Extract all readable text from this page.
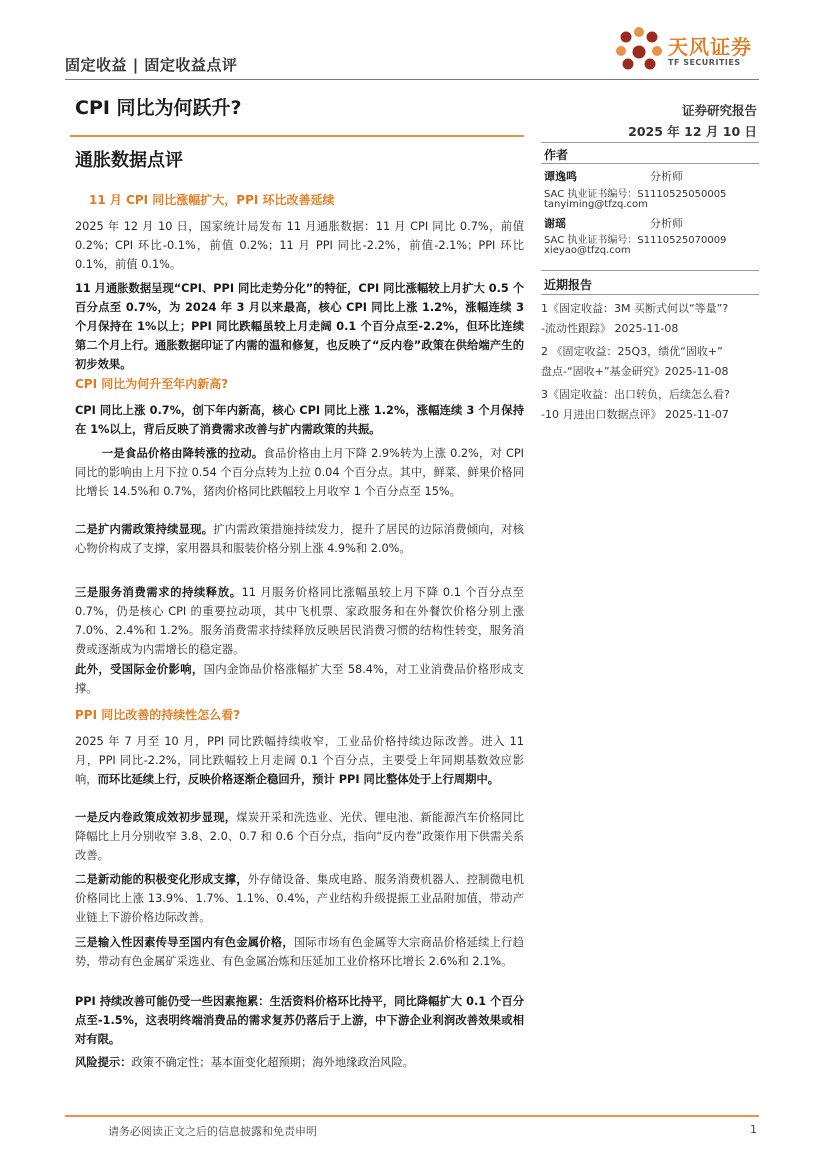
固定收益 | 固定收益点评
天风证券
TF SECURITIES
CPI 同比为何跃升?	证券研究报告
2025 年 12 月 10 日
通胀数据点评
11 月 CPI 同比涨幅扩大，PPI 环比改善延续
2025 年 12 月 10 日，国家统计局发布 11 月通胀数据：11 月 CPI 同比 0.7%，前值 0.2%；CPI 环比-0.1%，前值 0.2%；11 月 PPI 同比-2.2%，前值-2.1%；PPI 环比 0.1%，前值 0.1%。
11 月通胀数据呈现“CPI、PPI 同比走势分化”的特征，CPI 同比涨幅较上月扩大 0.5 个百分点至 0.7%，为 2024 年 3 月以来最高，核心 CPI 同比上涨 1.2%，涨幅连续 3 个月保持在 1%以上；PPI 同比跌幅虽较上月走阔 0.1 个百分点至-2.2%，但环比连续第二个月上行。通胀数据印证了内需的温和修复，也反映了“反内卷”政策在供给端产生的初步效果。
CPI 同比为何升至年内新高?
CPI 同比上涨 0.7%，创下年内新高，核心 CPI 同比上涨 1.2%，涨幅连续 3 个月保持在 1%以上，背后反映了消费需求改善与扩内需政策的共振。
一是食品价格由降转涨的拉动。食品价格由上月下降 2.9%转为上涨 0.2%，对 CPI 同比的影响由上月下拉 0.54 个百分点转为上拉 0.04 个百分点。其中，鲜菜、鲜果价格同比增长 14.5%和 0.7%，猪肉价格同比跌幅较上月收窄 1 个百分点至 15%。
二是扩内需政策持续显现。扩内需政策措施持续发力，提升了居民的边际消费倾向，对核心物价构成了支撑，家用器具和服装价格分别上涨 4.9%和 2.0%。
三是服务消费需求的持续释放。11 月服务价格同比涨幅虽较上月下降 0.1 个百分点至 0.7%，仍是核心 CPI 的重要拉动项，其中飞机票、家政服务和在外餐饮价格分别上涨 7.0%、2.4%和 1.2%。服务消费需求持续释放反映居民消费习惯的结构性转变，服务消费或逐渐成为内需增长的稳定器。
此外，受国际金价影响，国内金饰品价格涨幅扩大至 58.4%，对工业消费品价格形成支撑。
PPI 同比改善的持续性怎么看?
2025 年 7 月至 10 月，PPI 同比跌幅持续收窄，工业品价格持续边际改善。进入 11 月，PPI 同比-2.2%，同比跌幅较上月走阔 0.1 个百分点，主要受上年同期基数效应影响，而环比延续上行，反映价格逐渐企稳回升，预计 PPI 同比整体处于上行周期中。
一是反内卷政策成效初步显现，煤炭开采和洗选业、光伏、锂电池、新能源汽车价格同比降幅比上月分别收窄 3.8、2.0、0.7 和 0.6 个百分点，指向“反内卷”政策作用下供需关系改善。
二是新动能的积极变化形成支撑，外存储设备、集成电路、服务消费机器人、控制微电机价格同比上涨 13.9%、1.7%、1.1%、0.4%，产业结构升级提振工业品附加值，带动产业链上下游价格边际改善。
三是输入性因素传导至国内有色金属价格，国际市场有色金属等大宗商品价格延续上行趋势，带动有色金属矿采选业、有色金属冶炼和压延加工业价格环比增长 2.6%和 2.1%。
PPI 持续改善可能仍受一些因素拖累：生活资料价格环比持平，同比降幅扩大 0.1 个百分点至-1.5%，这表明终端消费品的需求复苏仍落后于上游，中下游企业利润改善效果或相对有限。
风险提示：政策不确定性；基本面变化超预期；海外地缘政治风险。
作者
谭逸鸣	分析师
SAC 执业证书编号：S1110525050005
tanyiming@tfzq.com
谢瑶	分析师
SAC 执业证书编号：S1110525070009
xieyao@tfzq.com
近期报告
1《固定收益：3M 买断式何以“等量”?
-流动性跟踪》 2025-11-08
2 《固定收益：25Q3，绩优“固收+”
盘点-“固收+”基金研究》2025-11-08
3《固定收益：出口转负，后续怎么看?
-10 月进出口数据点评》 2025-11-07
请务必阅读正文之后的信息披露和免责申明	1
